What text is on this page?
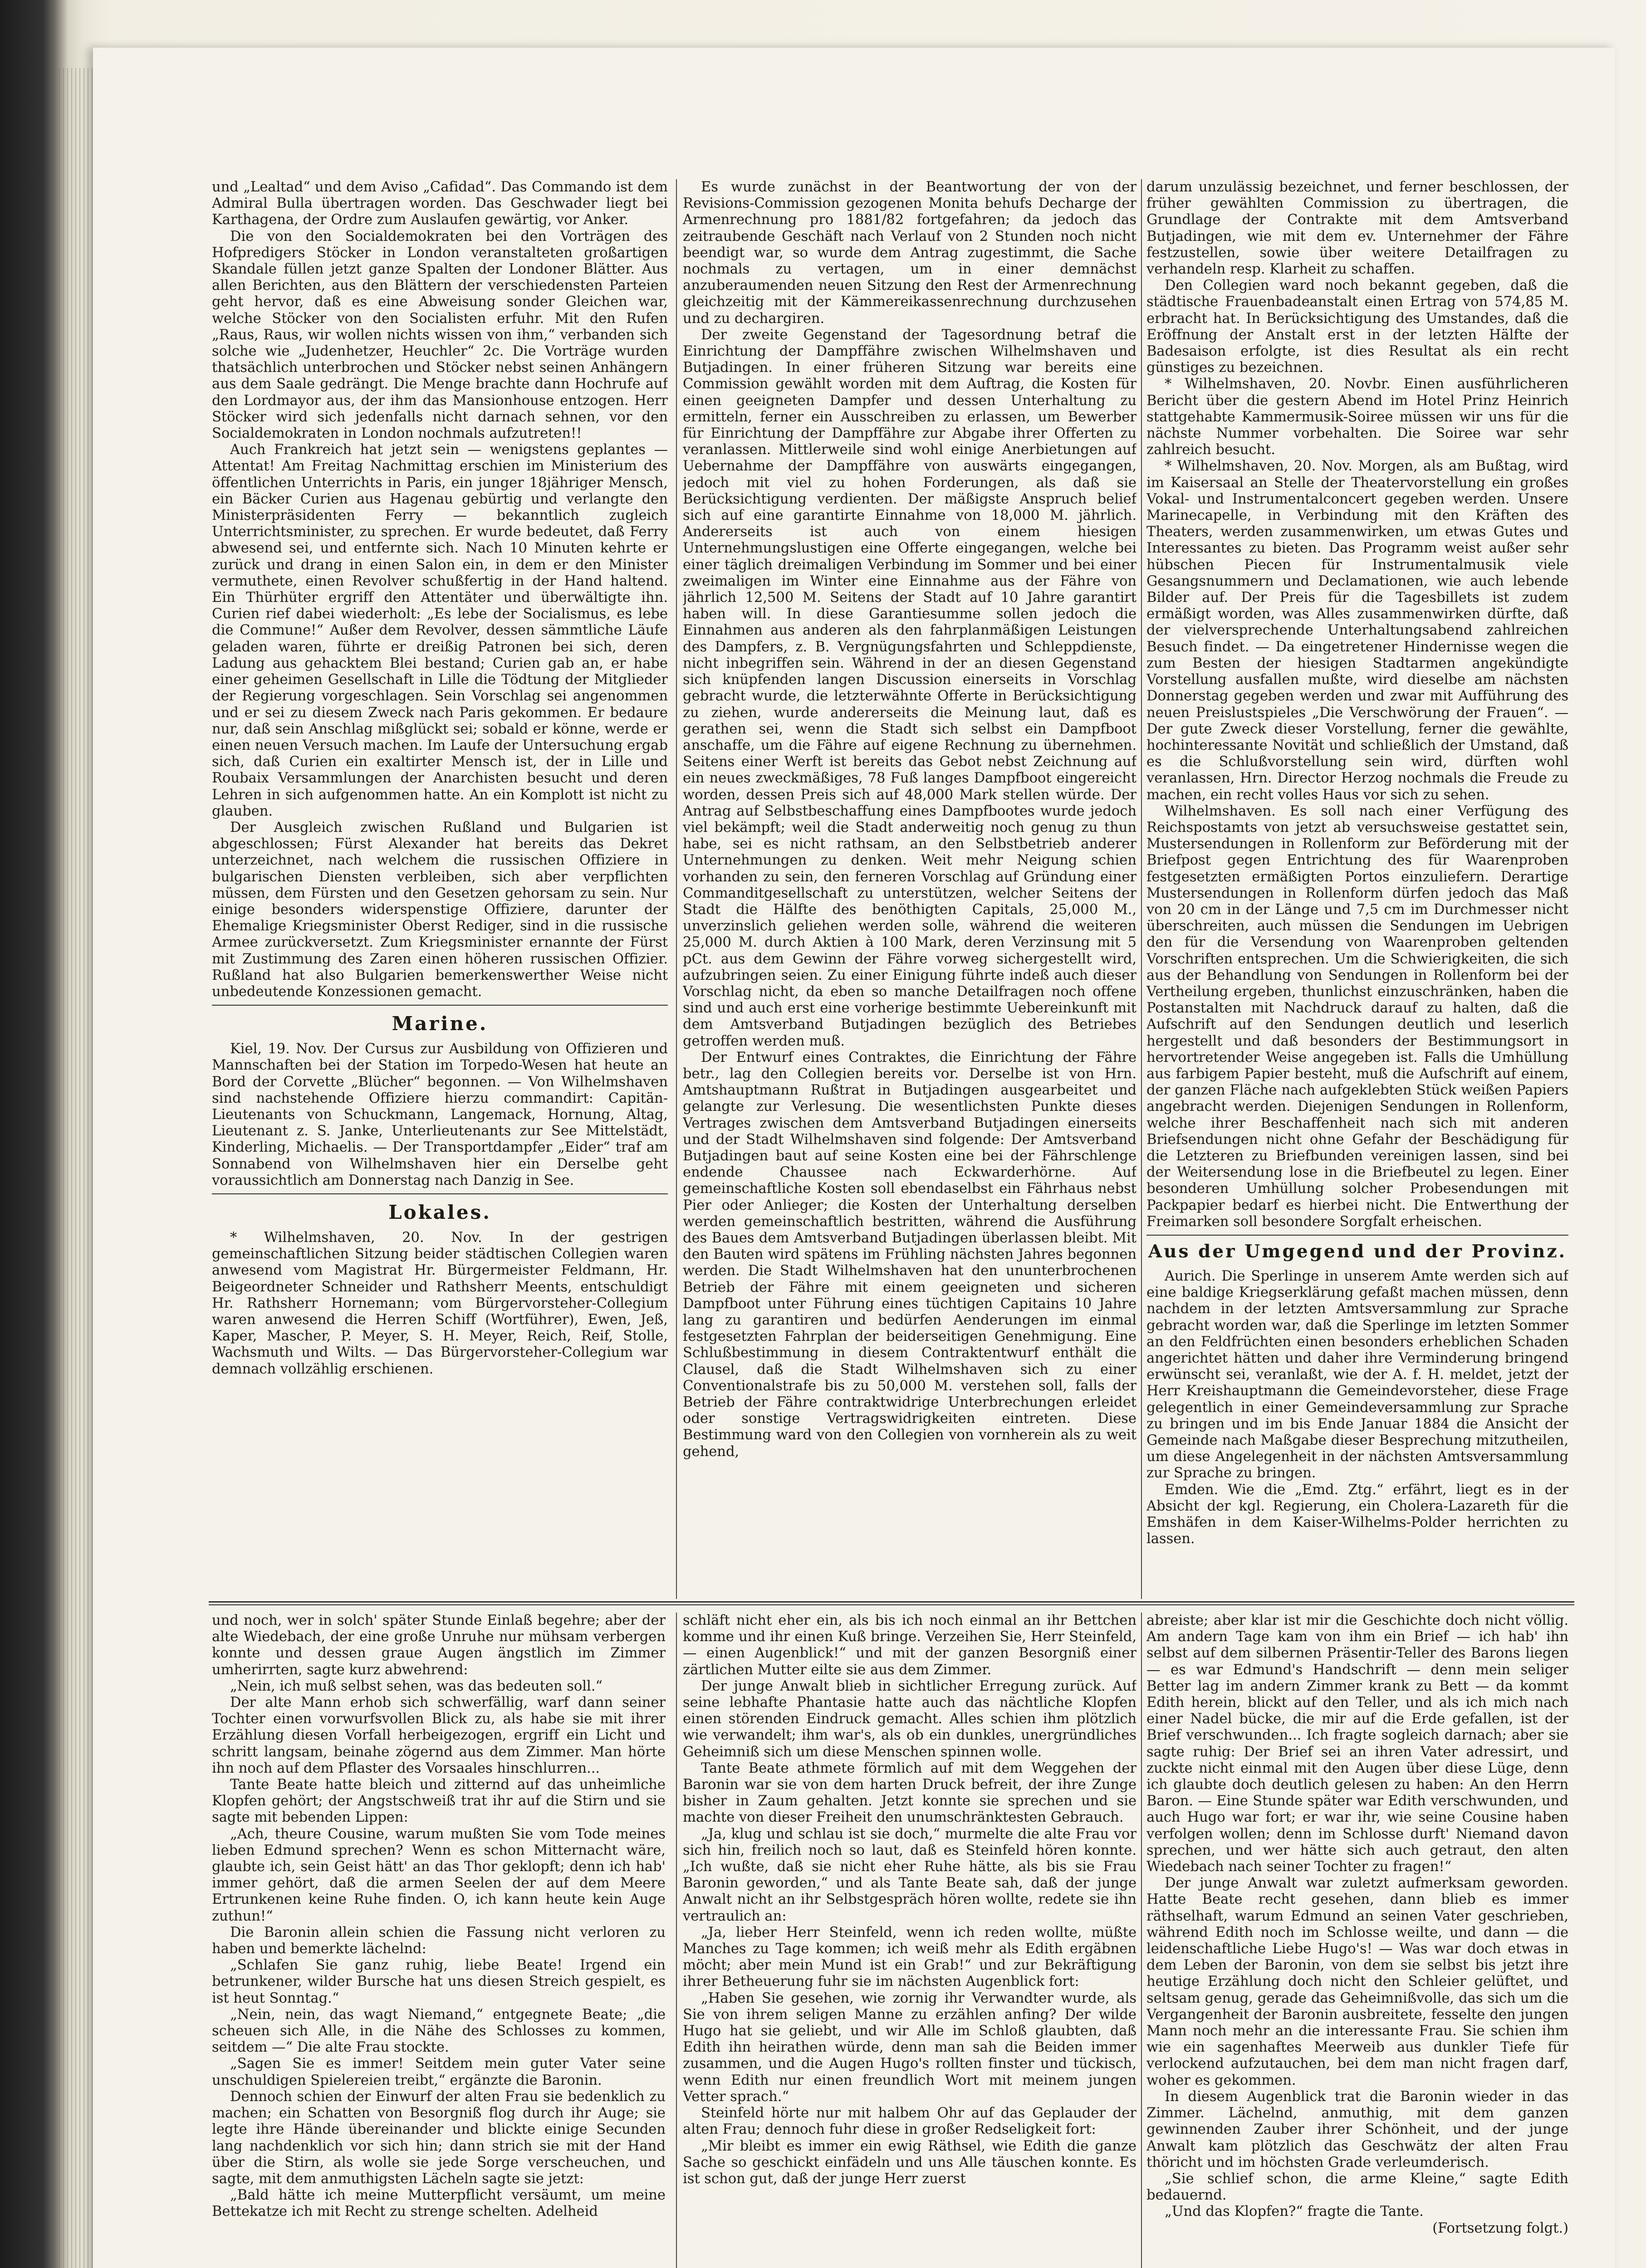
darum unzulässig bezeichnet, und ferner beschlossen, der früher gewählten Commission zu übertragen, die Grundlage der Contrakte mit dem Amtsverband Butjadingen, wie mit dem ev. Unternehmer der Fähre festzustellen, sowie über weitere Detailfragen zu verhandeln resp. Klarheit zu schaffen.

Den Collegien ward noch bekannt gegeben, daß die städtische Frauenbadeanstalt einen Ertrag von 574,85 M. erbracht hat. In Berücksichtigung des Umstandes, daß die Eröffnung der Anstalt erst in der letzten Hälfte der Badesaison erfolgte, ist dies Resultat als ein recht günstiges zu bezeichnen.

* Wilhelmshaven, 20. Novbr. Einen ausführlicheren Bericht über die gestern Abend im Hotel Prinz Heinrich stattgehabte Kammermusik-Soiree müssen wir uns für die nächste Nummer vorbehalten. Die Soiree war sehr zahlreich besucht.

* Wilhelmshaven, 20. Nov. Morgen, als am Bußtag, wird im Kaisersaal an Stelle der Theatervorstellung ein großes Vokal- und Instrumentalconcert gegeben werden. Unsere Marinecapelle, in Verbindung mit den Kräften des Theaters, werden zusammenwirken, um etwas Gutes und Interessantes zu bieten. Das Programm weist außer sehr hübschen Piecen für Instrumentalmusik viele Gesangsnummern und Declamationen, wie auch lebende Bilder auf. Der Preis für die Tagesbillets ist zudem ermäßigt worden, was Alles zusammenwirken dürfte, daß der vielversprechende Unterhaltungsabend zahlreichen Besuch findet. — Da eingetretener Hindernisse wegen die zum Besten der hiesigen Stadtarmen angekündigte Vorstellung ausfallen mußte, wird dieselbe am nächsten Donnerstag gegeben werden und zwar mit Aufführung des neuen Preislustspieles „Die Verschwörung der Frauen“. — Der gute Zweck dieser Vorstellung, ferner die gewählte, hochinteressante Novität und schließlich der Umstand, daß es die Schlußvorstellung sein wird, dürften wohl veranlassen, Hrn. Director Herzog nochmals die Freude zu machen, ein recht volles Haus vor sich zu sehen.

Wilhelmshaven. Es soll nach einer Verfügung des Reichspostamts von jetzt ab versuchsweise gestattet sein, Mustersendungen in Rollenform zur Beförderung mit der Briefpost gegen Entrichtung des für Waarenproben festgesetzten ermäßigten Portos einzuliefern. Derartige Mustersendungen in Rollenform dürfen jedoch das Maß von 20 cm in der Länge und 7,5 cm im Durchmesser nicht überschreiten, auch müssen die Sendungen im Uebrigen den für die Versendung von Waarenproben geltenden Vorschriften entsprechen. Um die Schwierigkeiten, die sich aus der Behandlung von Sendungen in Rollenform bei der Vertheilung ergeben, thunlichst einzuschränken, haben die Postanstalten mit Nachdruck darauf zu halten, daß die Aufschrift auf den Sendungen deutlich und leserlich hergestellt und daß besonders der Bestimmungsort in hervortretender Weise angegeben ist. Falls die Umhüllung aus farbigem Papier besteht, muß die Aufschrift auf einem, der ganzen Fläche nach aufgeklebten Stück weißen Papiers angebracht werden. Diejenigen Sendungen in Rollenform, welche ihrer Beschaffenheit nach sich mit anderen Briefsendungen nicht ohne Gefahr der Beschädigung für die Letzteren zu Briefbunden vereinigen lassen, sind bei der Weitersendung lose in die Briefbeutel zu legen. Einer besonderen Umhüllung solcher Probesendungen mit Packpapier bedarf es hierbei nicht. Die Entwerthung der Freimarken soll besondere Sorgfalt erheischen.

Aus der Umgegend und der Provinz.

Aurich. Die Sperlinge in unserem Amte werden sich auf eine baldige Kriegserklärung gefaßt machen müssen, denn nachdem in der letzten Amtsversammlung zur Sprache gebracht worden war, daß die Sperlinge im letzten Sommer an den Feldfrüchten einen besonders erheblichen Schaden angerichtet hätten und daher ihre Verminderung bringend erwünscht sei, veranlaßt, wie der A. f. H. meldet, jetzt der Herr Kreishauptmann die Gemeindevorsteher, diese Frage gelegentlich in einer Gemeindeversammlung zur Sprache zu bringen und im bis Ende Januar 1884 die Ansicht der Gemeinde nach Maßgabe dieser Besprechung mitzutheilen, um diese Angelegenheit in der nächsten Amtsversammlung zur Sprache zu bringen.

Emden. Wie die „Emd. Ztg.“ erfährt, liegt es in der Absicht der kgl. Regierung, ein Cholera-Lazareth für die Emshäfen in dem Kaiser-Wilhelms-Polder herrichten zu lassen.

und „Lealtad“ und dem Aviso „Cafidad“. Das Commando ist dem Admiral Bulla übertragen worden. Das Geschwader liegt bei Karthagena, der Ordre zum Auslaufen gewärtig, vor Anker.

Die von den Socialdemokraten bei den Vorträgen des Hofpredigers Stöcker in London veranstalteten großartigen Skandale füllen jetzt ganze Spalten der Londoner Blätter. Aus allen Berichten, aus den Blättern der verschiedensten Parteien geht hervor, daß es eine Abweisung sonder Gleichen war, welche Stöcker von den Socialisten erfuhr. Mit den Rufen „Raus, Raus, wir wollen nichts wissen von ihm,“ verbanden sich solche wie „Judenhetzer, Heuchler“ 2c. Die Vorträge wurden thatsächlich unterbrochen und Stöcker nebst seinen Anhängern aus dem Saale gedrängt. Die Menge brachte dann Hochrufe auf den Lordmayor aus, der ihm das Mansionhouse entzogen. Herr Stöcker wird sich jedenfalls nicht darnach sehnen, vor den Socialdemokraten in London nochmals aufzutreten!!

Auch Frankreich hat jetzt sein — wenigstens geplantes — Attentat! Am Freitag Nachmittag erschien im Ministerium des öffentlichen Unterrichts in Paris, ein junger 18jähriger Mensch, ein Bäcker Curien aus Hagenau gebürtig und verlangte den Ministerpräsidenten Ferry — bekanntlich zugleich Unterrichtsminister, zu sprechen. Er wurde bedeutet, daß Ferry abwesend sei, und entfernte sich. Nach 10 Minuten kehrte er zurück und drang in einen Salon ein, in dem er den Minister vermuthete, einen Revolver schußfertig in der Hand haltend. Ein Thürhüter ergriff den Attentäter und überwältigte ihn. Curien rief dabei wiederholt: „Es lebe der Socialismus, es lebe die Commune!“ Außer dem Revolver, dessen sämmtliche Läufe geladen waren, führte er dreißig Patronen bei sich, deren Ladung aus gehacktem Blei bestand; Curien gab an, er habe einer geheimen Gesellschaft in Lille die Tödtung der Mitglieder der Regierung vorgeschlagen. Sein Vorschlag sei angenommen und er sei zu diesem Zweck nach Paris gekommen. Er bedaure nur, daß sein Anschlag mißglückt sei; sobald er könne, werde er einen neuen Versuch machen. Im Laufe der Untersuchung ergab sich, daß Curien ein exaltirter Mensch ist, der in Lille und Roubaix Versammlungen der Anarchisten besucht und deren Lehren in sich aufgenommen hatte. An ein Komplott ist nicht zu glauben.

Der Ausgleich zwischen Rußland und Bulgarien ist abgeschlossen; Fürst Alexander hat bereits das Dekret unterzeichnet, nach welchem die russischen Offiziere in bulgarischen Diensten verbleiben, sich aber verpflichten müssen, dem Fürsten und den Gesetzen gehorsam zu sein. Nur einige besonders widerspenstige Offiziere, darunter der Ehemalige Kriegsminister Oberst Rediger, sind in die russische Armee zurückversetzt. Zum Kriegsminister ernannte der Fürst mit Zustimmung des Zaren einen höheren russischen Offizier. Rußland hat also Bulgarien bemerkenswerther Weise nicht unbedeutende Konzessionen gemacht.

Marine.

Kiel, 19. Nov. Der Cursus zur Ausbildung von Offizieren und Mannschaften bei der Station im Torpedo-Wesen hat heute an Bord der Corvette „Blücher“ begonnen. — Von Wilhelmshaven sind nachstehende Offiziere hierzu commandirt: Capitän-Lieutenants von Schuckmann, Langemack, Hornung, Altag, Lieutenant z. S. Janke, Unterlieutenants zur See Mittelstädt, Kinderling, Michaelis. — Der Transportdampfer „Eider“ traf am Sonnabend von Wilhelmshaven hier ein Derselbe geht voraussichtlich am Donnerstag nach Danzig in See.

Lokales.

* Wilhelmshaven, 20. Nov. In der gestrigen gemeinschaftlichen Sitzung beider städtischen Collegien waren anwesend vom Magistrat Hr. Bürgermeister Feldmann, Hr. Beigeordneter Schneider und Rathsherr Meents, entschuldigt Hr. Rathsherr Hornemann; vom Bürgervorsteher-Collegium waren anwesend die Herren Schiff (Wortführer), Ewen, Jeß, Kaper, Mascher, P. Meyer, S. H. Meyer, Reich, Reif, Stolle, Wachsmuth und Wilts. — Das Bürgervorsteher-Collegium war demnach vollzählig erschienen.

Es wurde zunächst in der Beantwortung der von der Revisions-Commission gezogenen Monita behufs Decharge der Armenrechnung pro 1881/82 fortgefahren; da jedoch das zeitraubende Geschäft nach Verlauf von 2 Stunden noch nicht beendigt war, so wurde dem Antrag zugestimmt, die Sache nochmals zu vertagen, um in einer demnächst anzuberaumenden neuen Sitzung den Rest der Armenrechnung gleichzeitig mit der Kämmereikassenrechnung durchzusehen und zu dechargiren.

Der zweite Gegenstand der Tagesordnung betraf die Einrichtung der Dampffähre zwischen Wilhelmshaven und Butjadingen. In einer früheren Sitzung war bereits eine Commission gewählt worden mit dem Auftrag, die Kosten für einen geeigneten Dampfer und dessen Unterhaltung zu ermitteln, ferner ein Ausschreiben zu erlassen, um Bewerber für Einrichtung der Dampffähre zur Abgabe ihrer Offerten zu veranlassen. Mittlerweile sind wohl einige Anerbietungen auf Uebernahme der Dampffähre von auswärts eingegangen, jedoch mit viel zu hohen Forderungen, als daß sie Berücksichtigung verdienten. Der mäßigste Anspruch belief sich auf eine garantirte Einnahme von 18,000 M. jährlich. Andererseits ist auch von einem hiesigen Unternehmungslustigen eine Offerte eingegangen, welche bei einer täglich dreimaligen Verbindung im Sommer und bei einer zweimaligen im Winter eine Einnahme aus der Fähre von jährlich 12,500 M. Seitens der Stadt auf 10 Jahre garantirt haben will. In diese Garantiesumme sollen jedoch die Einnahmen aus anderen als den fahrplanmäßigen Leistungen des Dampfers, z. B. Vergnügungsfahrten und Schleppdienste, nicht inbegriffen sein. Während in der an diesen Gegenstand sich knüpfenden langen Discussion einerseits in Vorschlag gebracht wurde, die letzterwähnte Offerte in Berücksichtigung zu ziehen, wurde andererseits die Meinung laut, daß es gerathen sei, wenn die Stadt sich selbst ein Dampfboot anschaffe, um die Fähre auf eigene Rechnung zu übernehmen. Seitens einer Werft ist bereits das Gebot nebst Zeichnung auf ein neues zweckmäßiges, 78 Fuß langes Dampfboot eingereicht worden, dessen Preis sich auf 48,000 Mark stellen würde. Der Antrag auf Selbstbeschaffung eines Dampfbootes wurde jedoch viel bekämpft; weil die Stadt anderweitig noch genug zu thun habe, sei es nicht rathsam, an den Selbstbetrieb anderer Unternehmungen zu denken. Weit mehr Neigung schien vorhanden zu sein, den ferneren Vorschlag auf Gründung einer Commanditgesellschaft zu unterstützen, welcher Seitens der Stadt die Hälfte des benöthigten Capitals, 25,000 M., unverzinslich geliehen werden solle, während die weiteren 25,000 M. durch Aktien à 100 Mark, deren Verzinsung mit 5 pCt. aus dem Gewinn der Fähre vorweg sichergestellt wird, aufzubringen seien. Zu einer Einigung führte indeß auch dieser Vorschlag nicht, da eben so manche Detailfragen noch offene sind und auch erst eine vorherige bestimmte Uebereinkunft mit dem Amtsverband Butjadingen bezüglich des Betriebes getroffen werden muß.

Der Entwurf eines Contraktes, die Einrichtung der Fähre betr., lag den Collegien bereits vor. Derselbe ist von Hrn. Amtshauptmann Rußtrat in Butjadingen ausgearbeitet und gelangte zur Verlesung. Die wesentlichsten Punkte dieses Vertrages zwischen dem Amtsverband Butjadingen einerseits und der Stadt Wilhelmshaven sind folgende: Der Amtsverband Butjadingen baut auf seine Kosten eine bei der Fährschlenge endende Chaussee nach Eckwarderhörne. Auf gemeinschaftliche Kosten soll ebendaselbst ein Fährhaus nebst Pier oder Anlieger; die Kosten der Unterhaltung derselben werden gemeinschaftlich bestritten, während die Ausführung des Baues dem Amtsverband Butjadingen überlassen bleibt. Mit den Bauten wird spätens im Frühling nächsten Jahres begonnen werden. Die Stadt Wilhelmshaven hat den ununterbrochenen Betrieb der Fähre mit einem geeigneten und sicheren Dampfboot unter Führung eines tüchtigen Capitains 10 Jahre lang zu garantiren und bedürfen Aenderungen im einmal festgesetzten Fahrplan der beiderseitigen Genehmigung. Eine Schlußbestimmung in diesem Contraktentwurf enthält die Clausel, daß die Stadt Wilhelmshaven sich zu einer Conventionalstrafe bis zu 50,000 M. verstehen soll, falls der Betrieb der Fähre contraktwidrige Unterbrechungen erleidet oder sonstige Vertragswidrigkeiten eintreten. Diese Bestimmung ward von den Collegien von vornherein als zu weit gehend,

und noch, wer in solch' später Stunde Einlaß begehre; aber der alte Wiedebach, der eine große Unruhe nur mühsam verbergen konnte und dessen graue Augen ängstlich im Zimmer umherirrten, sagte kurz abwehrend:

„Nein, ich muß selbst sehen, was das bedeuten soll.“

Der alte Mann erhob sich schwerfällig, warf dann seiner Tochter einen vorwurfsvollen Blick zu, als habe sie mit ihrer Erzählung diesen Vorfall herbeigezogen, ergriff ein Licht und schritt langsam, beinahe zögernd aus dem Zimmer. Man hörte ihn noch auf dem Pflaster des Vorsaales hinschlurren...

Tante Beate hatte bleich und zitternd auf das unheimliche Klopfen gehört; der Angstschweiß trat ihr auf die Stirn und sie sagte mit bebenden Lippen:

„Ach, theure Cousine, warum mußten Sie vom Tode meines lieben Edmund sprechen? Wenn es schon Mitternacht wäre, glaubte ich, sein Geist hätt' an das Thor geklopft; denn ich hab' immer gehört, daß die armen Seelen der auf dem Meere Ertrunkenen keine Ruhe finden. O, ich kann heute kein Auge zuthun!“

Die Baronin allein schien die Fassung nicht verloren zu haben und bemerkte lächelnd:

„Schlafen Sie ganz ruhig, liebe Beate! Irgend ein betrunkener, wilder Bursche hat uns diesen Streich gespielt, es ist heut Sonntag.“

„Nein, nein, das wagt Niemand,“ entgegnete Beate; „die scheuen sich Alle, in die Nähe des Schlosses zu kommen, seitdem —“ Die alte Frau stockte.

„Sagen Sie es immer! Seitdem mein guter Vater seine unschuldigen Spielereien treibt,“ ergänzte die Baronin.

Dennoch schien der Einwurf der alten Frau sie bedenklich zu machen; ein Schatten von Besorgniß flog durch ihr Auge; sie legte ihre Hände übereinander und blickte einige Secunden lang nachdenklich vor sich hin; dann strich sie mit der Hand über die Stirn, als wolle sie jede Sorge verscheuchen, und sagte, mit dem anmuthigsten Lächeln sagte sie jetzt:

„Bald hätte ich meine Mutterpflicht versäumt, um meine Bettekatze ich mit Recht zu strenge schelten. Adelheid

schläft nicht eher ein, als bis ich noch einmal an ihr Bettchen komme und ihr einen Kuß bringe. Verzeihen Sie, Herr Steinfeld, — einen Augenblick!“ und mit der ganzen Besorgniß einer zärtlichen Mutter eilte sie aus dem Zimmer.

Der junge Anwalt blieb in sichtlicher Erregung zurück. Auf seine lebhafte Phantasie hatte auch das nächtliche Klopfen einen störenden Eindruck gemacht. Alles schien ihm plötzlich wie verwandelt; ihm war's, als ob ein dunkles, unergründliches Geheimniß sich um diese Menschen spinnen wolle.

Tante Beate athmete förmlich auf mit dem Weggehen der Baronin war sie von dem harten Druck befreit, der ihre Zunge bisher in Zaum gehalten. Jetzt konnte sie sprechen und sie machte von dieser Freiheit den unumschränktesten Gebrauch.

„Ja, klug und schlau ist sie doch,“ murmelte die alte Frau vor sich hin, freilich noch so laut, daß es Steinfeld hören konnte. „Ich wußte, daß sie nicht eher Ruhe hätte, als bis sie Frau Baronin geworden,“ und als Tante Beate sah, daß der junge Anwalt nicht an ihr Selbstgespräch hören wollte, redete sie ihn vertraulich an:

„Ja, lieber Herr Steinfeld, wenn ich reden wollte, müßte Manches zu Tage kommen; ich weiß mehr als Edith ergäbnen möcht; aber mein Mund ist ein Grab!“ und zur Bekräftigung ihrer Betheuerung fuhr sie im nächsten Augenblick fort:

„Haben Sie gesehen, wie zornig ihr Verwandter wurde, als Sie von ihrem seligen Manne zu erzählen anfing? Der wilde Hugo hat sie geliebt, und wir Alle im Schloß glaubten, daß Edith ihn heirathen würde, denn man sah die Beiden immer zusammen, und die Augen Hugo's rollten finster und tückisch, wenn Edith nur einen freundlich Wort mit meinem jungen Vetter sprach.“

Steinfeld hörte nur mit halbem Ohr auf das Geplauder der alten Frau; dennoch fuhr diese in großer Redseligkeit fort:

„Mir bleibt es immer ein ewig Räthsel, wie Edith die ganze Sache so geschickt einfädeln und uns Alle täuschen konnte. Es ist schon gut, daß der junge Herr zuerst

abreiste; aber klar ist mir die Geschichte doch nicht völlig. Am andern Tage kam von ihm ein Brief — ich hab' ihn selbst auf dem silbernen Präsentir-Teller des Barons liegen — es war Edmund's Handschrift — denn mein seliger Better lag im andern Zimmer krank zu Bett — da kommt Edith herein, blickt auf den Teller, und als ich mich nach einer Nadel bücke, die mir auf die Erde gefallen, ist der Brief verschwunden... Ich fragte sogleich darnach; aber sie sagte ruhig: Der Brief sei an ihren Vater adressirt, und zuckte nicht einmal mit den Augen über diese Lüge, denn ich glaubte doch deutlich gelesen zu haben: An den Herrn Baron. — Eine Stunde später war Edith verschwunden, und auch Hugo war fort; er war ihr, wie seine Cousine haben verfolgen wollen; denn im Schlosse durft' Niemand davon sprechen, und wer hätte sich auch getraut, den alten Wiedebach nach seiner Tochter zu fragen!“

Der junge Anwalt war zuletzt aufmerksam geworden. Hatte Beate recht gesehen, dann blieb es immer räthselhaft, warum Edmund an seinen Vater geschrieben, während Edith noch im Schlosse weilte, und dann — die leidenschaftliche Liebe Hugo's! — Was war doch etwas in dem Leben der Baronin, von dem sie selbst bis jetzt ihre heutige Erzählung doch nicht den Schleier gelüftet, und seltsam genug, gerade das Geheimnißvolle, das sich um die Vergangenheit der Baronin ausbreitete, fesselte den jungen Mann noch mehr an die interessante Frau. Sie schien ihm wie ein sagenhaftes Meerweib aus dunkler Tiefe für verlockend aufzutauchen, bei dem man nicht fragen darf, woher es gekommen.

In diesem Augenblick trat die Baronin wieder in das Zimmer. Lächelnd, anmuthig, mit dem ganzen gewinnenden Zauber ihrer Schönheit, und der junge Anwalt kam plötzlich das Geschwätz der alten Frau thöricht und im höchsten Grade verleumderisch.

„Sie schlief schon, die arme Kleine,“ sagte Edith bedauernd.

„Und das Klopfen?“ fragte die Tante.

(Fortsetzung folgt.)
